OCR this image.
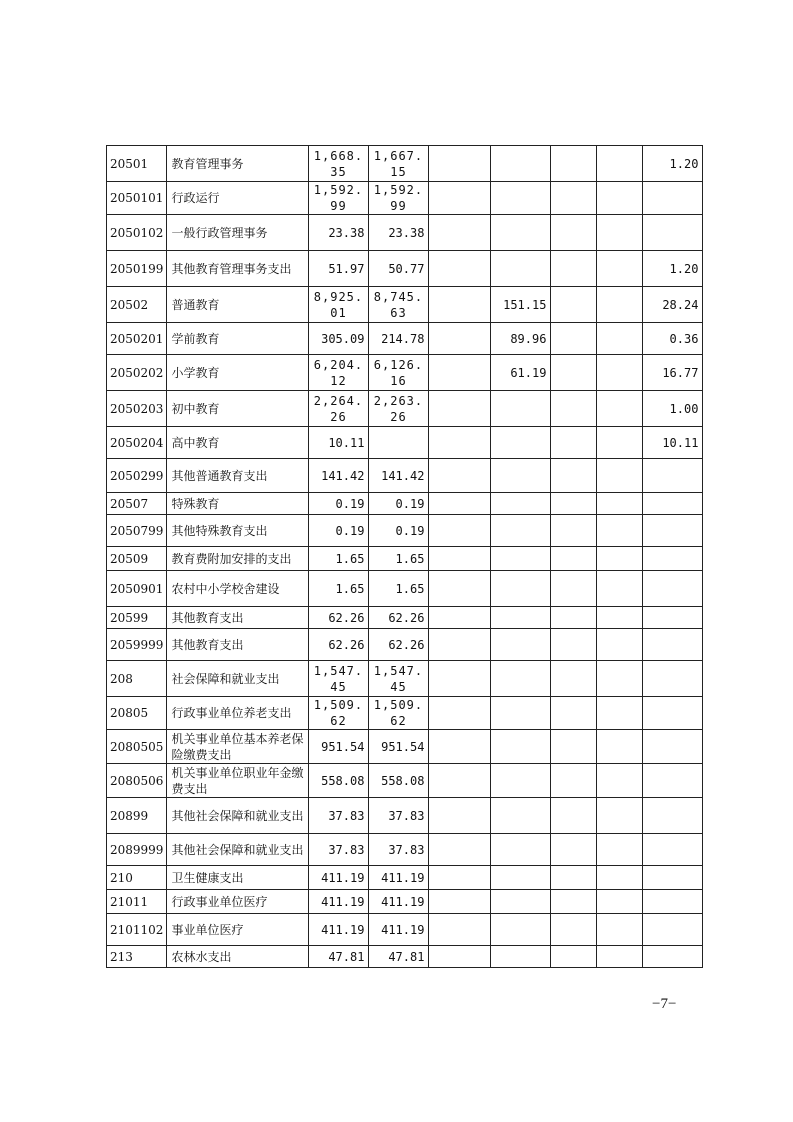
20501	教育管理事务	1,668.35	1,667.15					1.20
2050101	行政运行	1,592.99	1,592.99					
2050102	一般行政管理事务	23.38	23.38					
2050199	其他教育管理事务支出	51.97	50.77					1.20
20502	普通教育	8,925.01	8,745.63		151.15			28.24
2050201	学前教育	305.09	214.78		89.96			0.36
2050202	小学教育	6,204.12	6,126.16		61.19			16.77
2050203	初中教育	2,264.26	2,263.26					1.00
2050204	高中教育	10.11						10.11
2050299	其他普通教育支出	141.42	141.42					
20507	特殊教育	0.19	0.19					
2050799	其他特殊教育支出	0.19	0.19					
20509	教育费附加安排的支出	1.65	1.65					
2050901	农村中小学校舍建设	1.65	1.65					
20599	其他教育支出	62.26	62.26					
2059999	其他教育支出	62.26	62.26					
208	社会保障和就业支出	1,547.45	1,547.45					
20805	行政事业单位养老支出	1,509.62	1,509.62					
2080505	机关事业单位基本养老保险缴费支出	951.54	951.54					
2080506	机关事业单位职业年金缴费支出	558.08	558.08					
20899	其他社会保障和就业支出	37.83	37.83					
2089999	其他社会保障和就业支出	37.83	37.83					
210	卫生健康支出	411.19	411.19					
21011	行政事业单位医疗	411.19	411.19					
2101102	事业单位医疗	411.19	411.19					
213	农林水支出	47.81	47.81					
−7−
